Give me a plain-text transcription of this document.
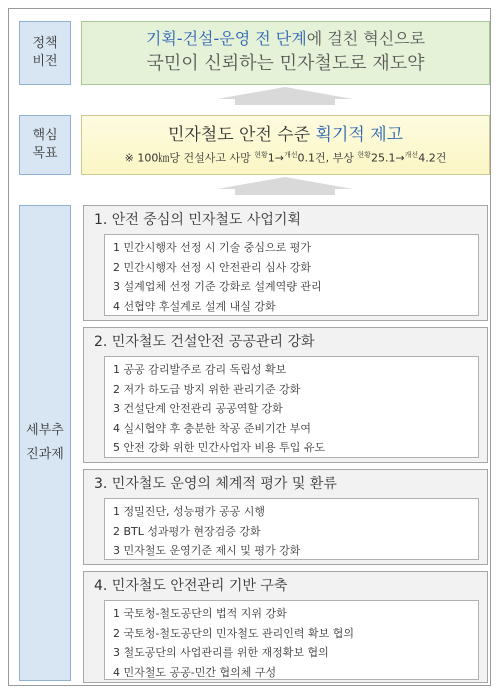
정책
비전
기획-건설-운영 전 단계에 걸친 혁신으로
국민이 신뢰하는 민자철도로 재도약
핵심
목표
민자철도 안전 수준 획기적 제고
※ 100㎞당 건설사고 사망 $^{현황}$1→$^{개선}$0.1건, 부상 $^{현황}$25.1→$^{개선}$4.2건
세부추
진과제
1. 안전 중심의 민자철도 사업기획
1 민간시행자 선정 시 기술 중심으로 평가
2 민간시행자 선정 시 안전관리 심사 강화
3 설계업체 선정 기준 강화로 설계역량 관리
4 선협약 후설계로 설계 내실 강화
2. 민자철도 건설안전 공공관리 강화
1 공공 감리발주로 감리 독립성 확보
2 저가 하도급 방지 위한 관리기준 강화
3 건설단계 안전관리 공공역할 강화
4 실시협약 후 충분한 착공 준비기간 부여
5 안전 강화 위한 민간사업자 비용 투입 유도
3. 민자철도 운영의 체계적 평가 및 환류
1 정밀진단, 성능평가 공공 시행
2 BTL 성과평가 현장검증 강화
3 민자철도 운영기준 제시 및 평가 강화
4. 민자철도 안전관리 기반 구축
1 국토청-철도공단의 법적 지위 강화
2 국토청-철도공단의 민자철도 관리인력 확보 협의
3 철도공단의 사업관리를 위한 재정확보 협의
4 민자철도 공공-민간 협의체 구성
